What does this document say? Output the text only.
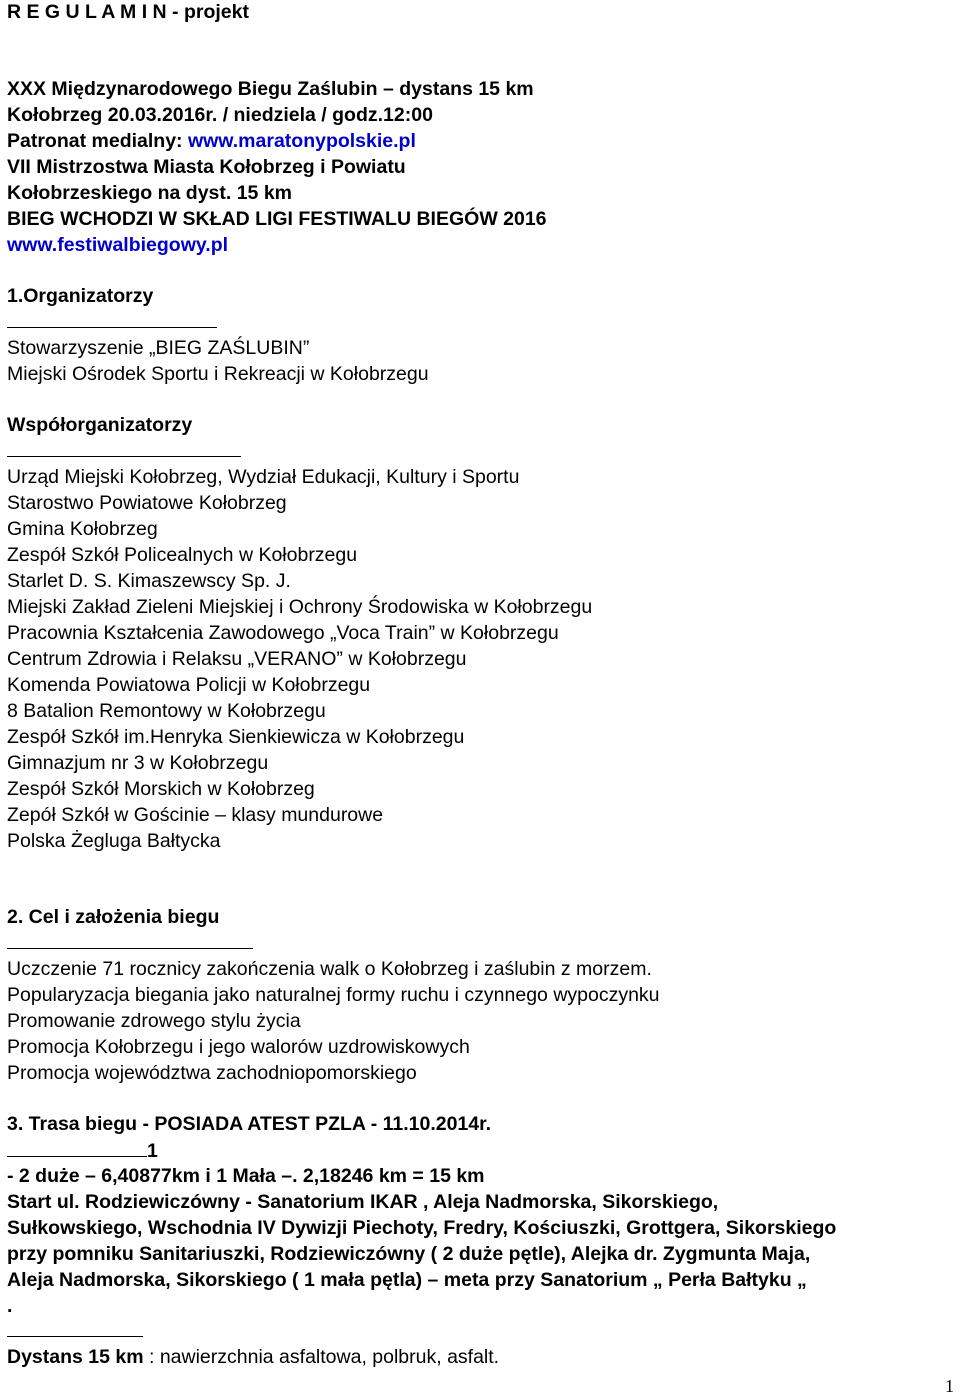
R E G U L A M I N - projekt
XXX Międzynarodowego Biegu Zaślubin – dystans 15 km
Kołobrzeg 20.03.2016r. / niedziela / godz.12:00
Patronat medialny: www.maratonypolskie.pl
VII Mistrzostwa Miasta Kołobrzeg i Powiatu
Kołobrzeskiego na dyst. 15 km
BIEG WCHODZI W SKŁAD LIGI FESTIWALU BIEGÓW 2016
www.festiwalbiegowy.pl
1.Organizatorzy
Stowarzyszenie „BIEG ZAŚLUBIN”
Miejski Ośrodek Sportu i Rekreacji w Kołobrzegu
Współorganizatorzy
Urząd Miejski Kołobrzeg, Wydział Edukacji, Kultury i Sportu
Starostwo Powiatowe Kołobrzeg
Gmina Kołobrzeg
Zespół Szkół Policealnych w Kołobrzegu
Starlet D. S. Kimaszewscy Sp. J.
Miejski Zakład Zieleni Miejskiej i Ochrony Środowiska w Kołobrzegu
Pracownia Kształcenia Zawodowego „Voca Train” w Kołobrzegu
Centrum Zdrowia i Relaksu „VERANO” w Kołobrzegu
Komenda Powiatowa Policji w Kołobrzegu
8 Batalion Remontowy w Kołobrzegu
Zespół Szkół im.Henryka Sienkiewicza w Kołobrzegu
Gimnazjum nr 3 w Kołobrzegu
Zespół Szkół Morskich w Kołobrzeg
Zepół Szkół w Gościnie – klasy mundurowe
Polska Żegluga Bałtycka
2. Cel i założenia biegu
Uczczenie 71 rocznicy zakończenia walk o Kołobrzeg i zaślubin z morzem.
Popularyzacja biegania jako naturalnej formy ruchu i czynnego wypoczynku
Promowanie zdrowego stylu życia
Promocja Kołobrzegu i jego walorów uzdrowiskowych
Promocja województwa zachodniopomorskiego
3. Trasa biegu - POSIADA ATEST PZLA - 11.10.2014r.
1
- 2 duże – 6,40877km i 1 Mała –. 2,18246 km = 15 km
Start ul. Rodziewiczówny - Sanatorium IKAR , Aleja Nadmorska, Sikorskiego,
Sułkowskiego, Wschodnia IV Dywizji Piechoty, Fredry, Kościuszki, Grottgera, Sikorskiego
przy pomniku Sanitariuszki, Rodziewiczówny ( 2 duże pętle), Alejka dr. Zygmunta Maja,
Aleja Nadmorska, Sikorskiego ( 1 mała pętla) – meta przy Sanatorium „ Perła Bałtyku „
.
Dystans 15 km : nawierzchnia asfaltowa, polbruk, asfalt.
1
